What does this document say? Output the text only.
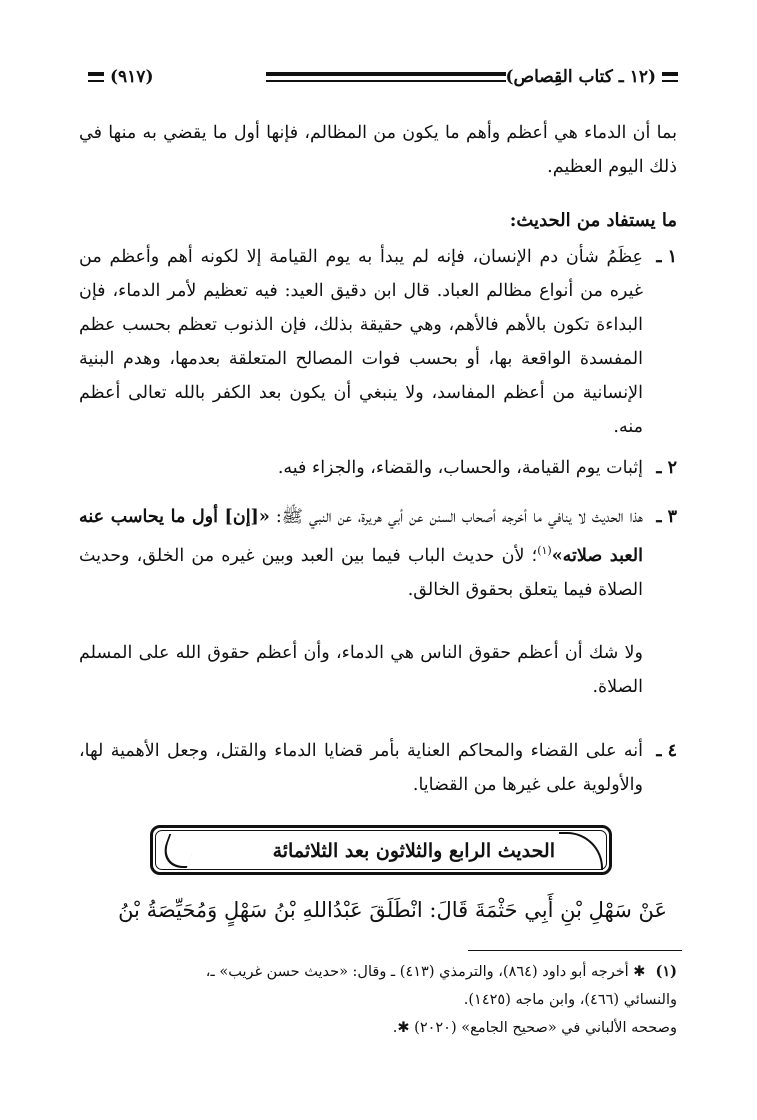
(١٢ ـ كتاب القِصاص)
(٩١٧)

بما أن الدماء هي أعظم وأهم ما يكون من المظالم، فإنها أول ما يقضي به منها في ذلك اليوم العظيم.

ما يستفاد من الحديث:
١ ـ

عِظَمُ شأن دم الإنسان، فإنه لم يبدأ به يوم القيامة إلا لكونه أهم وأعظم من غيره من أنواع مظالم العباد. قال ابن دقيق العيد: فيه تعظيم لأمر الدماء، فإن البداءة تكون بالأهم فالأهم، وهي حقيقة بذلك، فإن الذنوب تعظم بحسب عظم المفسدة الواقعة بها، أو بحسب فوات المصالح المتعلقة بعدمها، وهدم البنية الإنسانية من أعظم المفاسد، ولا ينبغي أن يكون بعد الكفر بالله تعالى أعظم منه.

٢ ـ

إثبات يوم القيامة، والحساب، والقضاء، والجزاء فيه.

٣ ـ

هذا الحديث لا ينافي ما أخرجه أصحاب السنن عن أبي هريرة، عن النبي ﷺ: «[إن] أول ما يحاسب عنه العبد صلاته»$^{(١)}$؛ لأن حديث الباب فيما بين العبد وبين غيره من الخلق، وحديث الصلاة فيما يتعلق بحقوق الخالق.

ولا شك أن أعظم حقوق الناس هي الدماء، وأن أعظم حقوق الله على المسلم الصلاة.

٤ ـ

أنه على القضاء والمحاكم العناية بأمر قضايا الدماء والقتل، وجعل الأهمية لها، والأولوية على غيرها من القضايا.

الحديث الرابع والثلاثون بعد الثلاثمائة

عَنْ سَهْلِ بْنِ أَبِي حَثْمَةَ قَالَ: انْطَلَقَ عَبْدُاللهِ بْنُ سَهْلٍ وَمُحَيِّصَةُ بْنُ

(١)✱ أخرجه أبو داود (٨٦٤)، والترمذي (٤١٣) ـ وقال: «حديث حسن غريب» ـ،

والنسائي (٤٦٦)، وابن ماجه (١٤٢٥).

وصححه الألباني في «صحيح الجامع» (٢٠٢٠) ✱.
